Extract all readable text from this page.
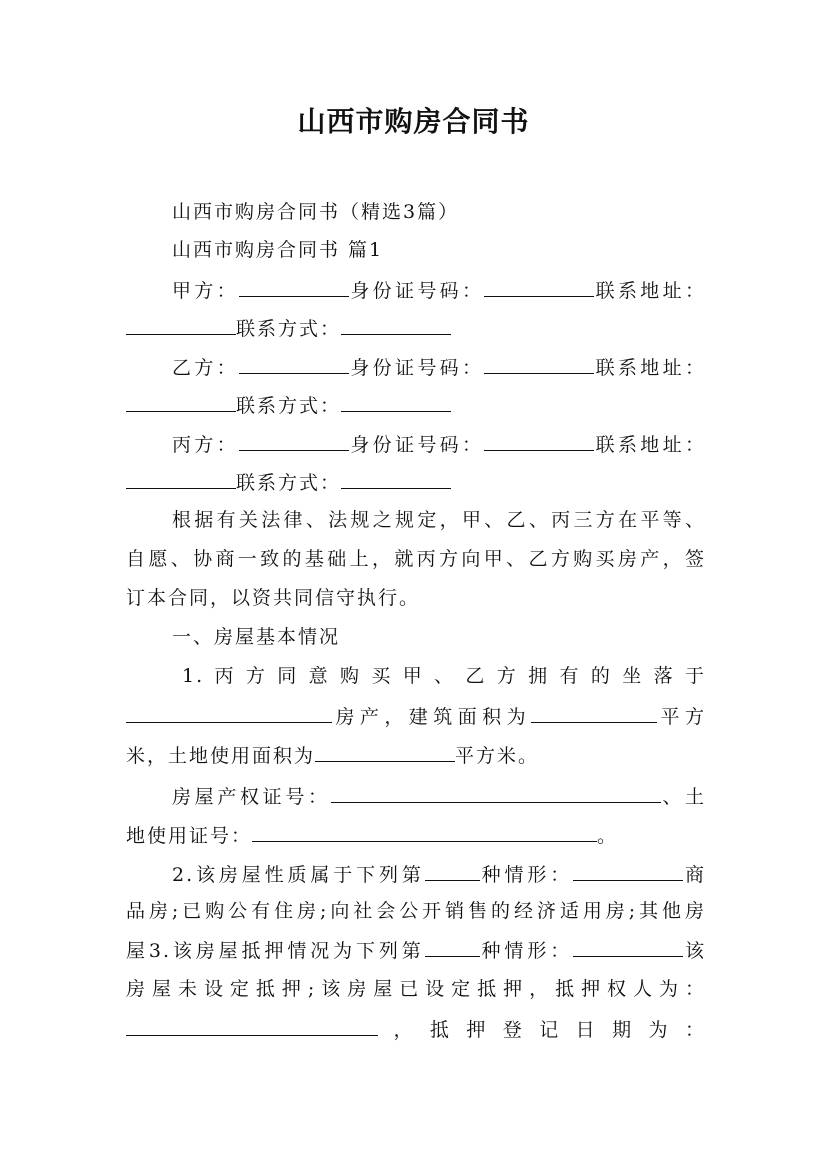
山西市购房合同书
山西市购房合同书（精选3篇）
山西市购房合同书 篇1
甲方：	身份证号码：	联系地址：
联系方式：
乙方：	身份证号码：	联系地址：
联系方式：
丙方：	身份证号码：	联系地址：
联系方式：
根据有关法律、法规之规定，甲、乙、丙三方在平等、
自愿、协商一致的基础上，就丙方向甲、乙方购买房产，签
订本合同，以资共同信守执行。
一、房屋基本情况
1.丙方同意购买甲、乙方拥有的坐落于
房产，建筑面积为	平方
米，土地使用面积为	平方米。
房屋产权证号：	、土
地使用证号：	。
2.该房屋性质属于下列第	种情形：	商
品房;已购公有住房;向社会公开销售的经济适用房;其他房
屋3.该房屋抵押情况为下列第	种情形：	该
房屋未设定抵押;该房屋已设定抵押，抵押权人为：
，抵押登记日期为：
